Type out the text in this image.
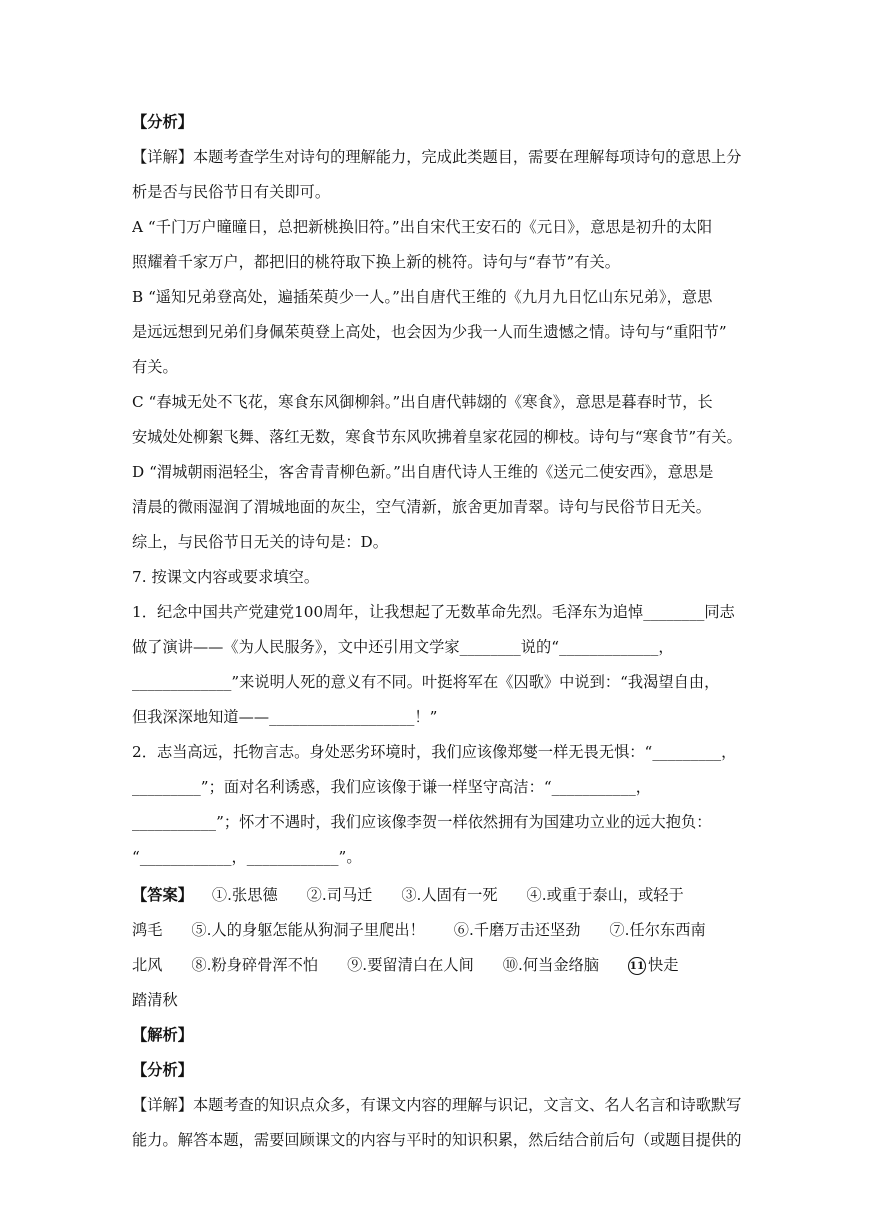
【分析】
【详解】本题考查学生对诗句的理解能力，完成此类题目，需要在理解每项诗句的意思上分
析是否与民俗节日有关即可。
A “千门万户曈曈日，总把新桃换旧符。”出自宋代王安石的《元日》，意思是初升的太阳
照耀着千家万户，都把旧的桃符取下换上新的桃符。诗句与“春节”有关。
B “遥知兄弟登高处，遍插茱萸少一人。”出自唐代王维的《九月九日忆山东兄弟》，意思
是远远想到兄弟们身佩茱萸登上高处，也会因为少我一人而生遗憾之情。诗句与“重阳节”
有关。
C “春城无处不飞花，寒食东风御柳斜。”出自唐代韩翃的《寒食》，意思是暮春时节，长
安城处处柳絮飞舞、落红无数，寒食节东风吹拂着皇家花园的柳枝。诗句与“寒食节”有关。
D “渭城朝雨浥轻尘，客舍青青柳色新。”出自唐代诗人王维的《送元二使安西》，意思是
清晨的微雨湿润了渭城地面的灰尘，空气清新，旅舍更加青翠。诗句与民俗节日无关。
综上，与民俗节日无关的诗句是：D。
7. 按课文内容或要求填空。
1．纪念中国共产党建党100周年，让我想起了无数革命先烈。毛泽东为追悼________同志
做了演讲——《为人民服务》，文中还引用文学家________说的“_____________，
_____________”来说明人死的意义有不同。叶挺将军在《囚歌》中说到：“我渴望自由，
但我深深地知道——___________________！”
2．志当高远，托物言志。身处恶劣环境时，我们应该像郑燮一样无畏无惧：“_________，
_________”；面对名利诱惑，我们应该像于谦一样坚守高洁：“___________，
___________”；怀才不遇时，我们应该像李贺一样依然拥有为国建功立业的远大抱负：
“____________，____________”。
【答案】 ①.张思德 ②.司马迁 ③.人固有一死 ④.或重于泰山，或轻于
鸿毛 ⑤.人的身躯怎能从狗洞子里爬出！ ⑥.千磨万击还坚劲 ⑦.任尔东西南
北风 ⑧.粉身碎骨浑不怕 ⑨.要留清白在人间 ⑩.何当金络脑	11 快走
踏清秋
【解析】
【分析】
【详解】本题考查的知识点众多，有课文内容的理解与识记，文言文、名人名言和诗歌默写
能力。解答本题，需要回顾课文的内容与平时的知识积累，然后结合前后句（或题目提供的
